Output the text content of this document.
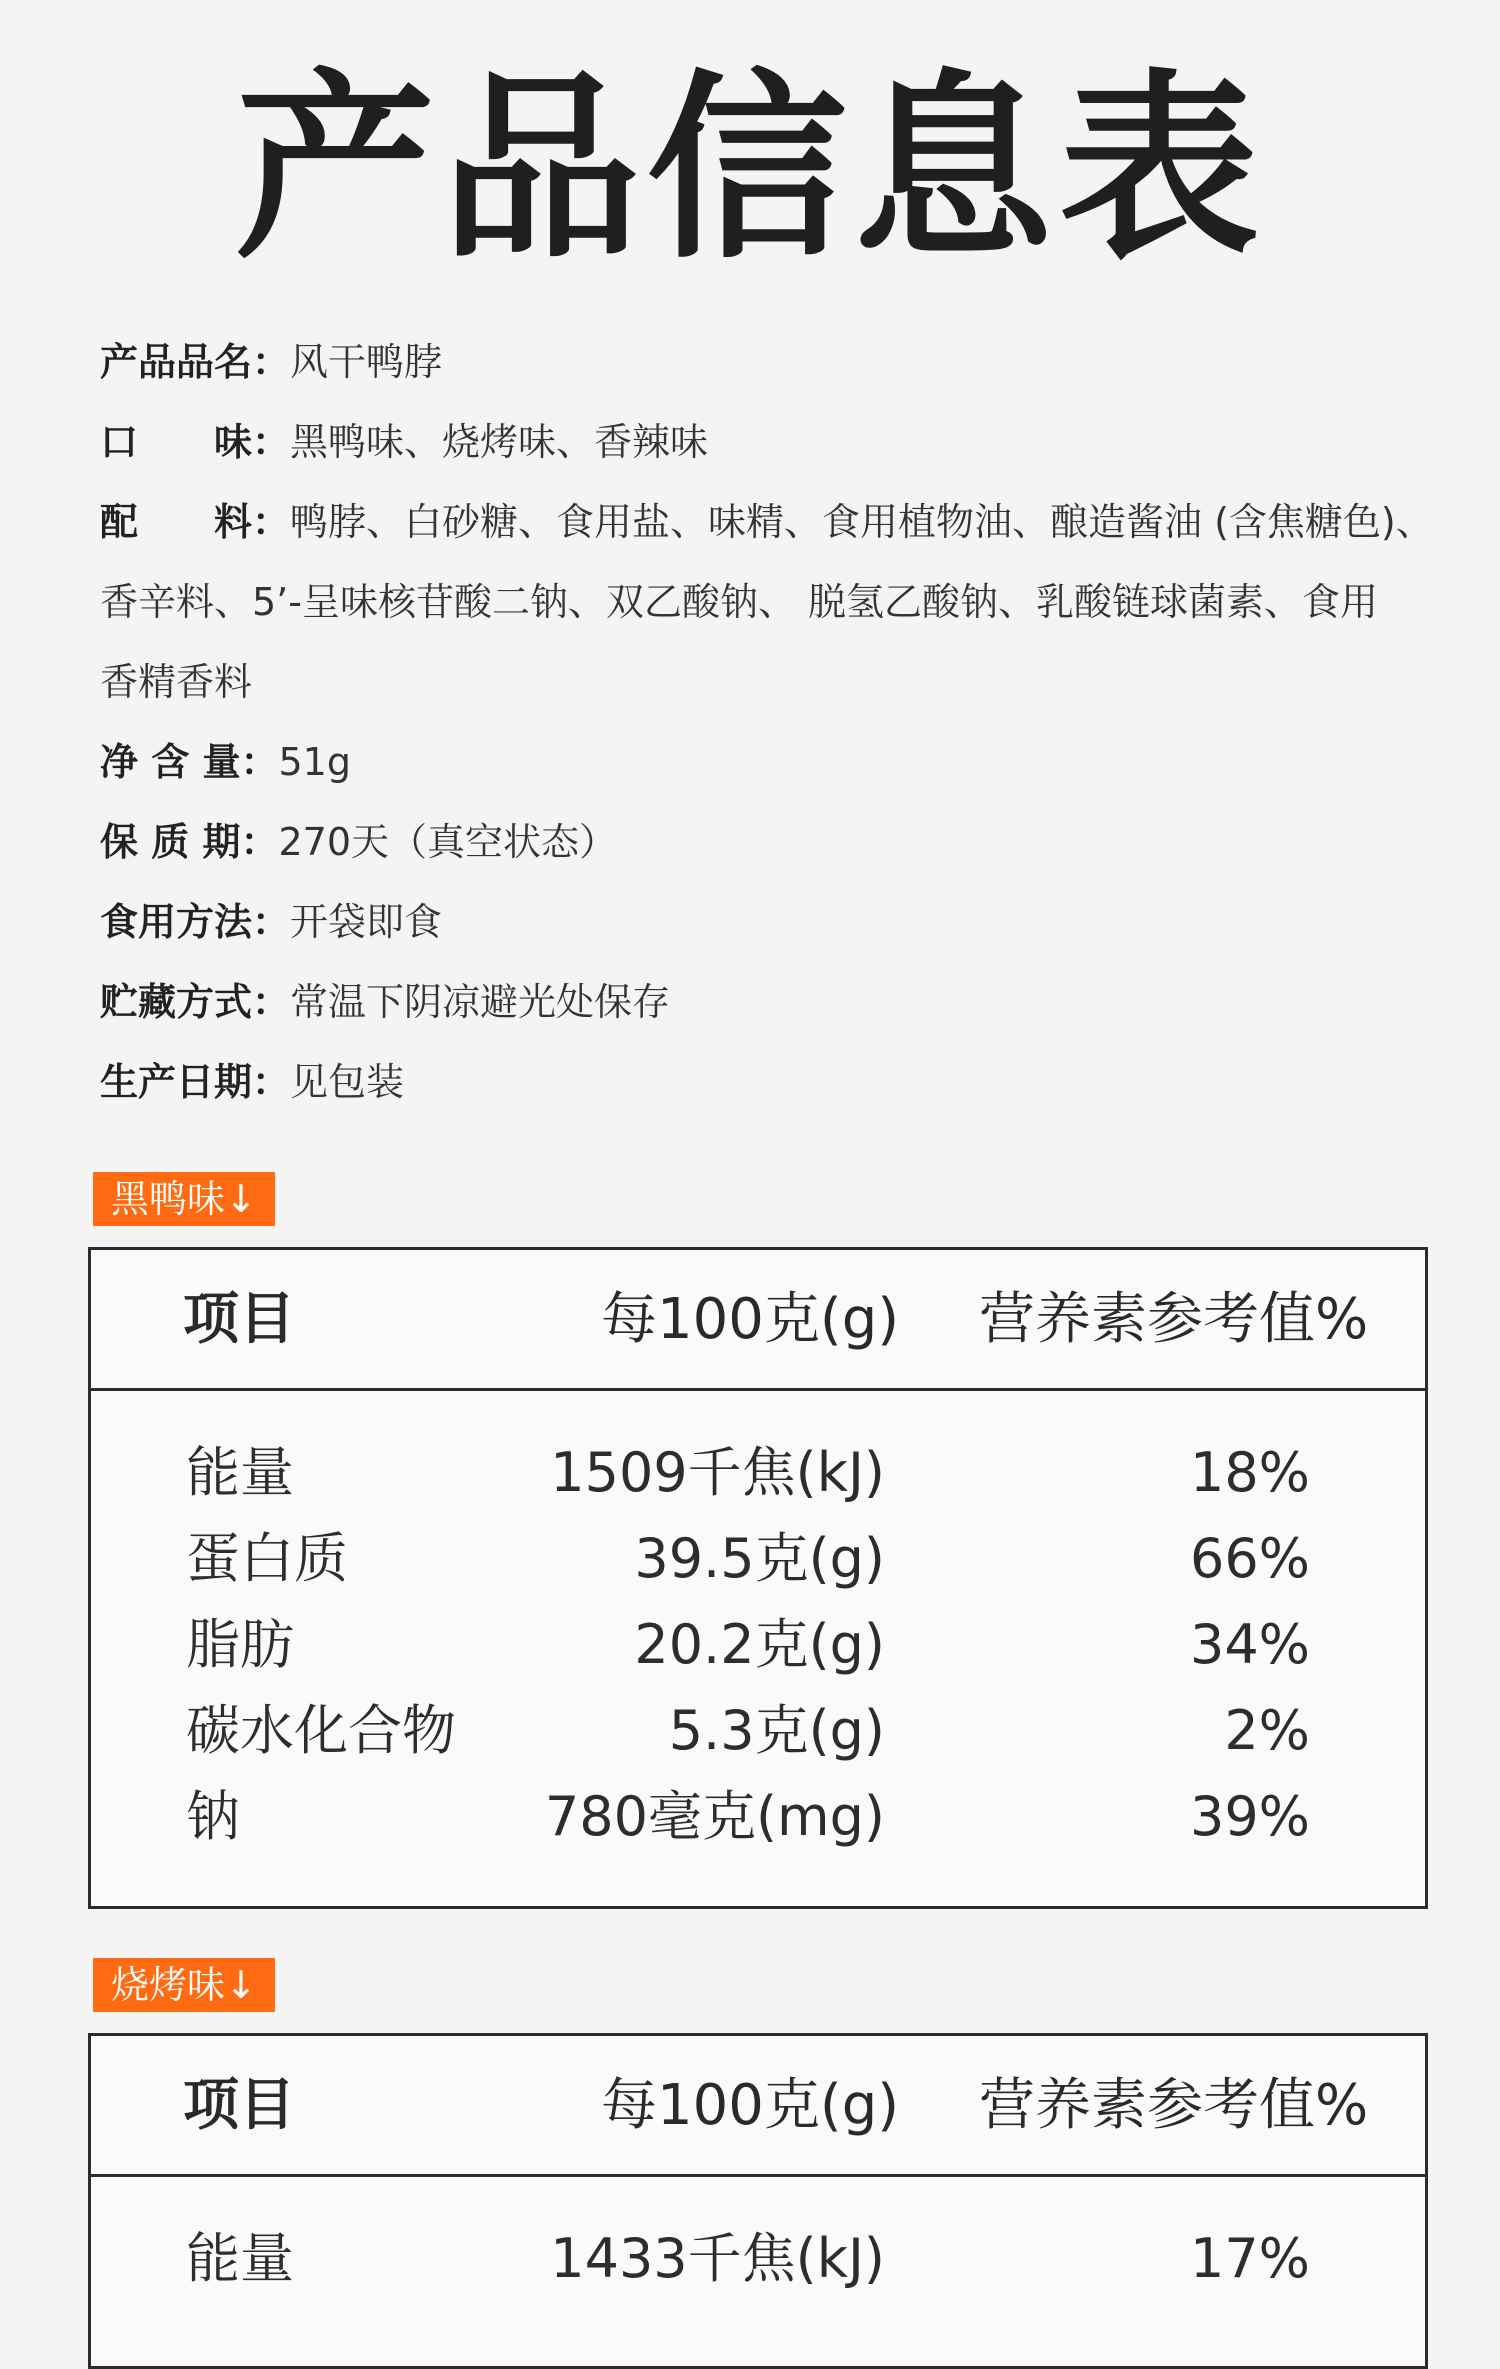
产品信息表
产品品名：风干鸭脖
口　　味：黑鸭味、烧烤味、香辣味
配　　料：鸭脖、白砂糖、食用盐、味精、食用植物油、酿造酱油 (含焦糖色)、
香辛料、5’-呈味核苷酸二钠、双乙酸钠、 脱氢乙酸钠、乳酸链球菌素、食用
香精香料
净 含 量：51g
保 质 期：270天（真空状态）
食用方法：开袋即食
贮藏方式：常温下阴凉避光处保存
生产日期：见包装
黑鸭味↓
项目	每100克(g) 营养素参考值%
能量	1509千焦(kJ)	18%
蛋白质	39.5克(g)	66%
脂肪	20.2克(g)	34%
碳水化合物	5.3克(g)	2%
钠	780毫克(mg)	39%
烧烤味↓
项目	每100克(g) 营养素参考值%
能量	1433千焦(kJ)	17%
